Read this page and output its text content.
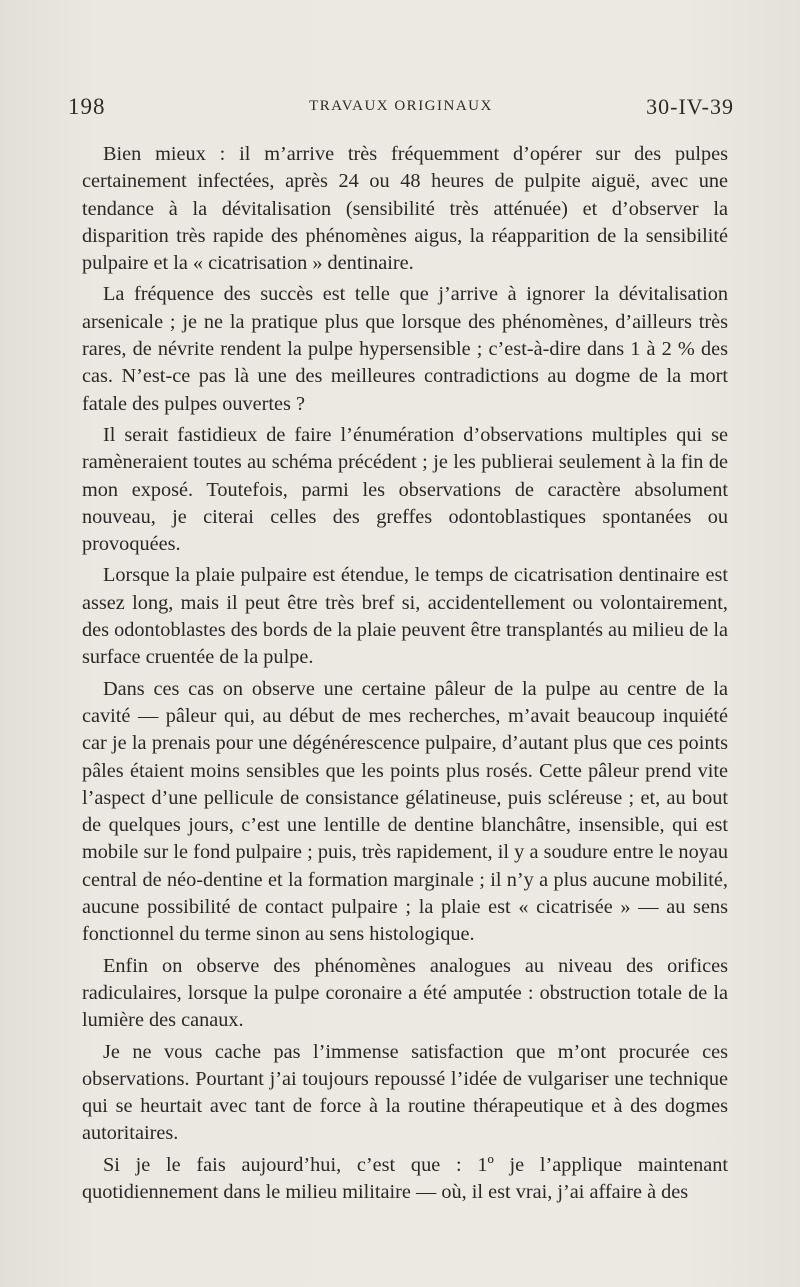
198	TRAVAUX ORIGINAUX	30-IV-39

Bien mieux : il m’arrive très fréquemment d’opérer sur des pulpes certainement infectées, après 24 ou 48 heures de pulpite aiguë, avec une tendance à la dévitalisation (sensibilité très atténuée) et d’observer la disparition très rapide des phénomènes aigus, la réapparition de la sensibilité pulpaire et la « cicatrisation » dentinaire.

La fréquence des succès est telle que j’arrive à ignorer la dévitalisation arsenicale ; je ne la pratique plus que lorsque des phénomènes, d’ailleurs très rares, de névrite rendent la pulpe hypersensible ; c’est-à-dire dans 1 à 2 % des cas. N’est-ce pas là une des meilleures contradictions au dogme de la mort fatale des pulpes ouvertes ?

Il serait fastidieux de faire l’énumération d’observations multiples qui se ramèneraient toutes au schéma précédent ; je les publierai seulement à la fin de mon exposé. Toutefois, parmi les observations de caractère absolument nouveau, je citerai celles des greffes odontoblastiques spontanées ou provoquées.

Lorsque la plaie pulpaire est étendue, le temps de cicatrisation dentinaire est assez long, mais il peut être très bref si, accidentellement ou volontairement, des odontoblastes des bords de la plaie peuvent être transplantés au milieu de la surface cruentée de la pulpe.

Dans ces cas on observe une certaine pâleur de la pulpe au centre de la cavité — pâleur qui, au début de mes recherches, m’avait beaucoup inquiété car je la prenais pour une dégénérescence pulpaire, d’autant plus que ces points pâles étaient moins sensibles que les points plus rosés. Cette pâleur prend vite l’aspect d’une pellicule de consistance gélatineuse, puis scléreuse ; et, au bout de quelques jours, c’est une lentille de dentine blanchâtre, insensible, qui est mobile sur le fond pulpaire ; puis, très rapidement, il y a soudure entre le noyau central de néo-dentine et la formation marginale ; il n’y a plus aucune mobilité, aucune possibilité de contact pulpaire ; la plaie est « cicatrisée » — au sens fonctionnel du terme sinon au sens histologique.

Enfin on observe des phénomènes analogues au niveau des orifices radiculaires, lorsque la pulpe coronaire a été amputée : obstruction totale de la lumière des canaux.

Je ne vous cache pas l’immense satisfaction que m’ont procurée ces observations. Pourtant j’ai toujours repoussé l’idée de vulgariser une technique qui se heurtait avec tant de force à la routine thérapeutique et à des dogmes autoritaires.

Si je le fais aujourd’hui, c’est que : 1º je l’applique maintenant quotidiennement dans le milieu militaire — où, il est vrai, j’ai affaire à des
